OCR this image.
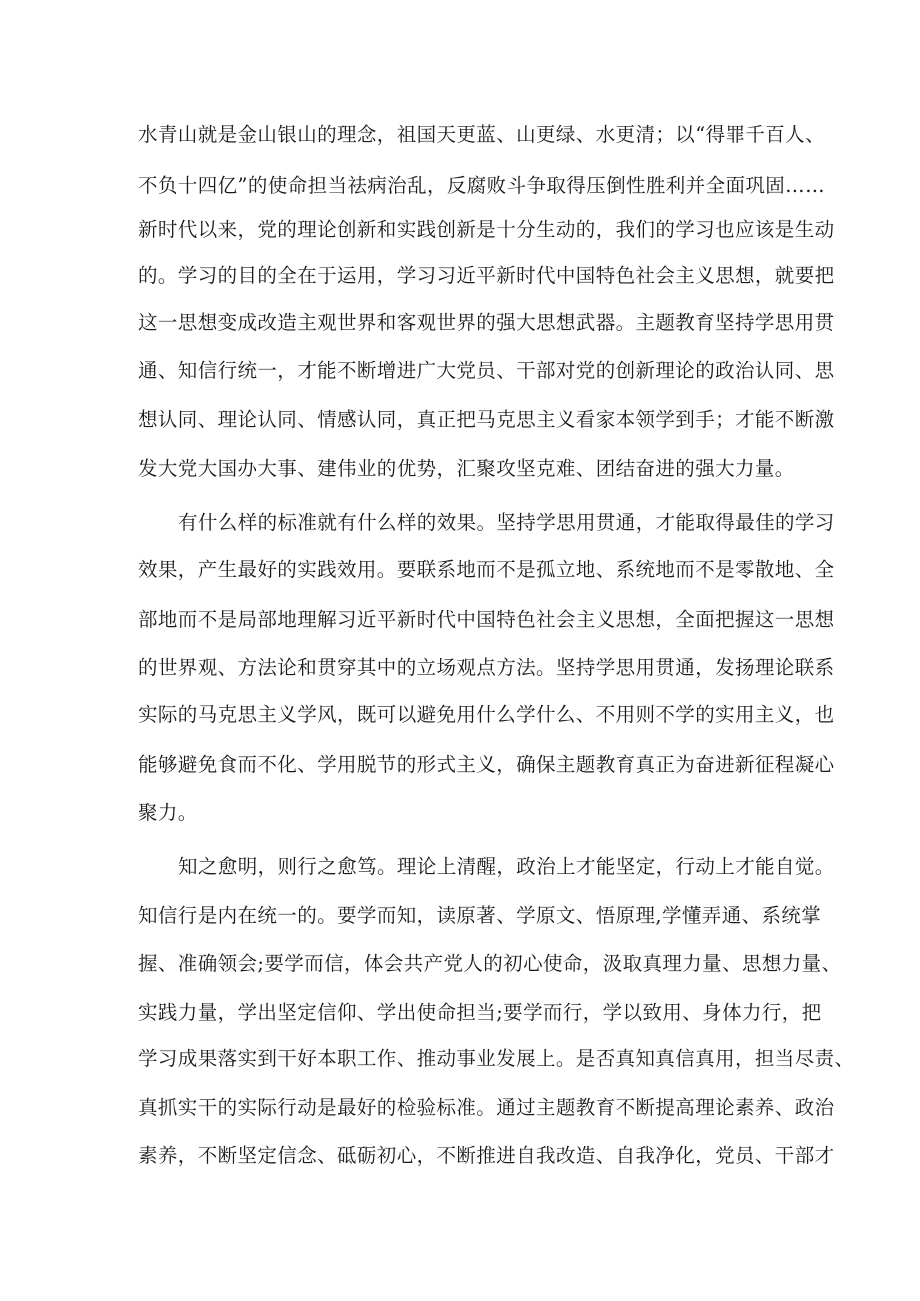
水青山就是金山银山的理念，祖国天更蓝、山更绿、水更清；以“得罪千百人、
不负十四亿”的使命担当祛病治乱，反腐败斗争取得压倒性胜利并全面巩固……
新时代以来，党的理论创新和实践创新是十分生动的，我们的学习也应该是生动
的。学习的目的全在于运用，学习习近平新时代中国特色社会主义思想，就要把
这一思想变成改造主观世界和客观世界的强大思想武器。主题教育坚持学思用贯
通、知信行统一，才能不断增进广大党员、干部对党的创新理论的政治认同、思
想认同、理论认同、情感认同，真正把马克思主义看家本领学到手；才能不断激
发大党大国办大事、建伟业的优势，汇聚攻坚克难、团结奋进的强大力量。
有什么样的标准就有什么样的效果。坚持学思用贯通，才能取得最佳的学习
效果，产生最好的实践效用。要联系地而不是孤立地、系统地而不是零散地、全
部地而不是局部地理解习近平新时代中国特色社会主义思想，全面把握这一思想
的世界观、方法论和贯穿其中的立场观点方法。坚持学思用贯通，发扬理论联系
实际的马克思主义学风，既可以避免用什么学什么、不用则不学的实用主义，也
能够避免食而不化、学用脱节的形式主义，确保主题教育真正为奋进新征程凝心
聚力。
知之愈明，则行之愈笃。理论上清醒，政治上才能坚定，行动上才能自觉。
知信行是内在统一的。要学而知，读原著、学原文、悟原理,学懂弄通、系统掌
握、准确领会;要学而信，体会共产党人的初心使命，汲取真理力量、思想力量、
实践力量，学出坚定信仰、学出使命担当;要学而行，学以致用、身体力行，把
学习成果落实到干好本职工作、推动事业发展上。是否真知真信真用，担当尽责、
真抓实干的实际行动是最好的检验标准。通过主题教育不断提高理论素养、政治
素养，不断坚定信念、砥砺初心，不断推进自我改造、自我净化，党员、干部才
